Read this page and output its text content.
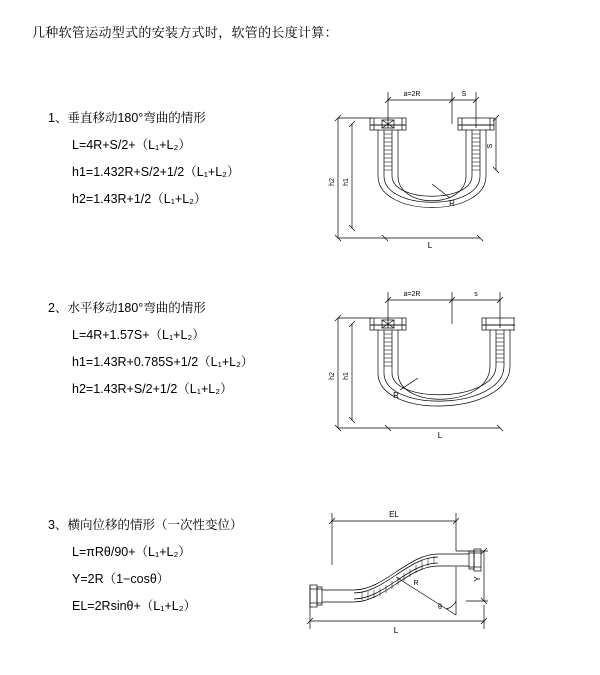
几种软管运动型式的安装方式时，软管的长度计算：
1、垂直移动180°弯曲的情形
L=4R+S/2+（L₁+L₂）
h1=1.432R+S/2+1/2（L₁+L₂）
h2=1.43R+1/2（L₁+L₂）
a=2R	S
h2 h1
S
L
R
2、水平移动180°弯曲的情形
L=4R+1.57S+（L₁+L₂）
h1=1.43R+0.785S+1/2（L₁+L₂）
h2=1.43R+S/2+1/2（L₁+L₂）
a=2R	s
h2 h1
L
R
3、横向位移的情形（一次性变位）
L=πRθ/90+（L₁+L₂）
Y=2R（1−cosθ）
EL=2Rsinθ+（L₁+L₂）
EL
Y
L
θ
R
